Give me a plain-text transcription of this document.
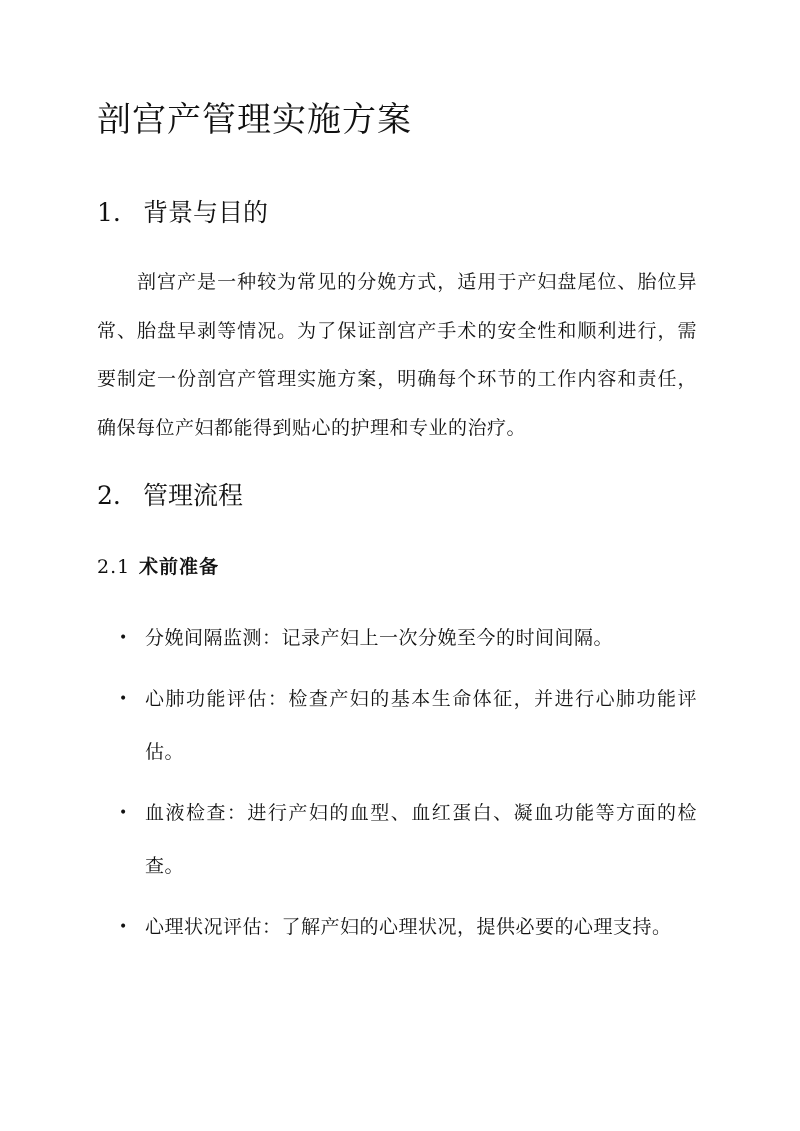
剖宫产管理实施方案
1. 背景与目的

剖宫产是一种较为常见的分娩方式，适用于产妇盘尾位、胎位异常、胎盘早剥等情况。为了保证剖宫产手术的安全性和顺利进行，需要制定一份剖宫产管理实施方案，明确每个环节的工作内容和责任，确保每位产妇都能得到贴心的护理和专业的治疗。

2. 管理流程
2.1 术前准备
• 分娩间隔监测：记录产妇上一次分娩至今的时间间隔。
• 心肺功能评估：检查产妇的基本生命体征，并进行心肺功能评估。
• 血液检查：进行产妇的血型、血红蛋白、凝血功能等方面的检查。
• 心理状况评估：了解产妇的心理状况，提供必要的心理支持。
